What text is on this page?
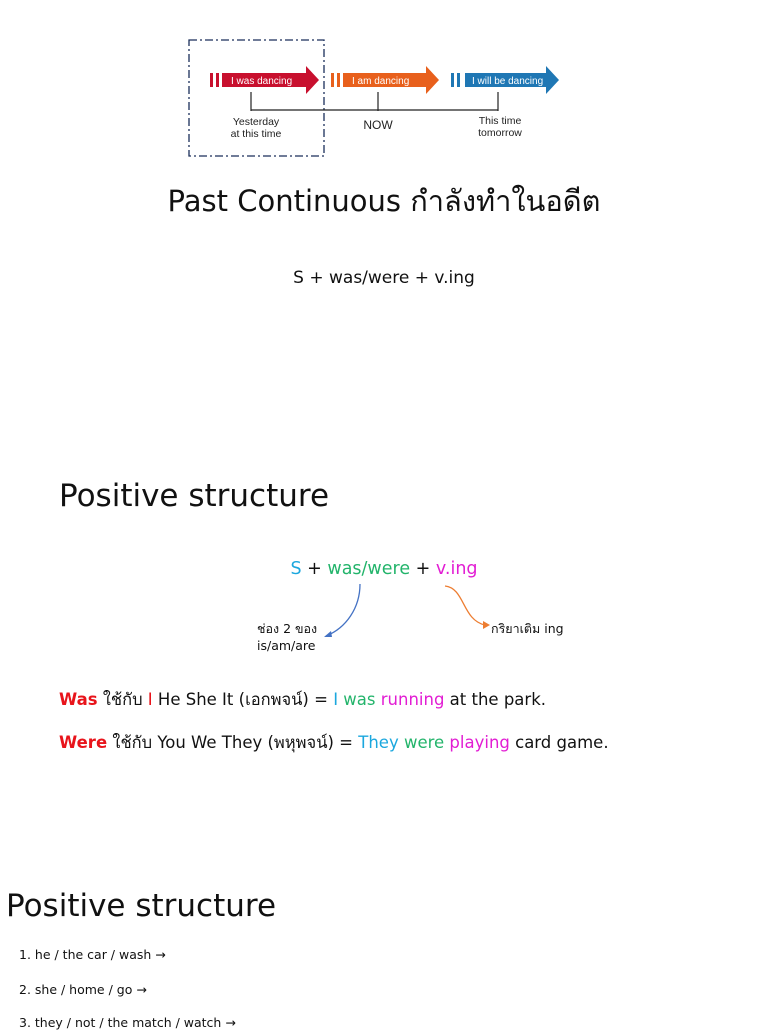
I was dancing	I am dancing	I will be dancing
Yesterday
at this time
NOW	This time
tomorrow
Past Continuous กำลังทำในอดีต
S + was/were + v.ing
Positive structure
S + was/were + v.ing
ช่อง 2 ของ
is/am/are
กริยาเติม ing
Was ใช้กับ I He She It (เอกพจน์) = I was running at the park.
Were ใช้กับ You We They (พหุพจน์) = They were playing card game.
Positive structure
1. he / the car / wash →
2. she / home / go →
3. they / not / the match / watch →
